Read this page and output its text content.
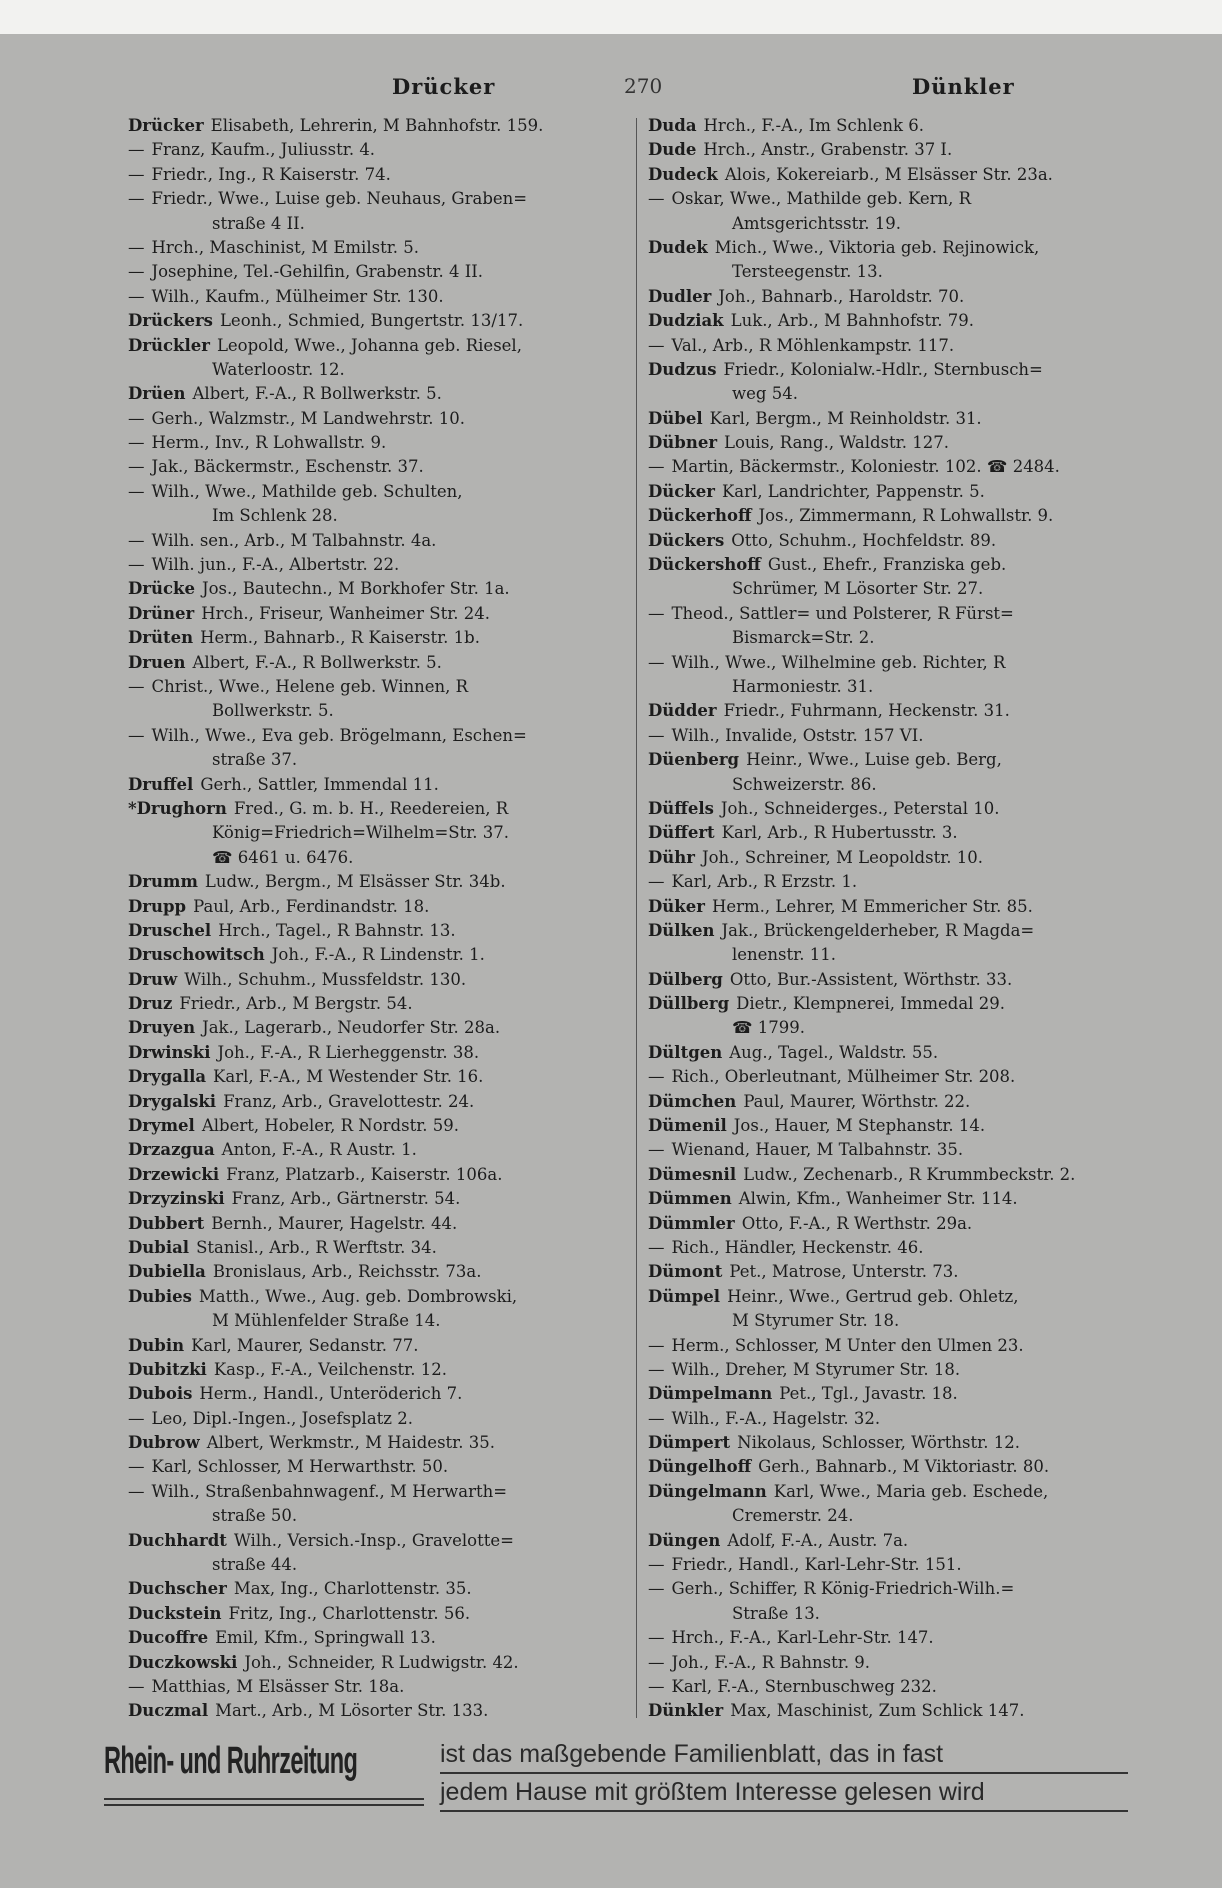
Drücker	270	Dünkler
Drücker Elisabeth, Lehrerin, M Bahnhofstr. 159.
— Franz, Kaufm., Juliusstr. 4.
— Friedr., Ing., R Kaiserstr. 74.
— Friedr., Wwe., Luise geb. Neuhaus, Graben=
straße 4 II.
— Hrch., Maschinist, M Emilstr. 5.
— Josephine, Tel.-Gehilfin, Grabenstr. 4 II.
— Wilh., Kaufm., Mülheimer Str. 130.
Drückers Leonh., Schmied, Bungertstr. 13/17.
Drückler Leopold, Wwe., Johanna geb. Riesel,
Waterloostr. 12.
Drüen Albert, F.-A., R Bollwerkstr. 5.
— Gerh., Walzmstr., M Landwehrstr. 10.
— Herm., Inv., R Lohwallstr. 9.
— Jak., Bäckermstr., Eschenstr. 37.
— Wilh., Wwe., Mathilde geb. Schulten,
Im Schlenk 28.
— Wilh. sen., Arb., M Talbahnstr. 4a.
— Wilh. jun., F.-A., Albertstr. 22.
Drücke Jos., Bautechn., M Borkhofer Str. 1a.
Drüner Hrch., Friseur, Wanheimer Str. 24.
Drüten Herm., Bahnarb., R Kaiserstr. 1b.
Druen Albert, F.-A., R Bollwerkstr. 5.
— Christ., Wwe., Helene geb. Winnen, R
Bollwerkstr. 5.
— Wilh., Wwe., Eva geb. Brögelmann, Eschen=
straße 37.
Druffel Gerh., Sattler, Immendal 11.
*Drughorn Fred., G. m. b. H., Reedereien, R
König=Friedrich=Wilhelm=Str. 37.
☎ 6461 u. 6476.
Drumm Ludw., Bergm., M Elsässer Str. 34b.
Drupp Paul, Arb., Ferdinandstr. 18.
Druschel Hrch., Tagel., R Bahnstr. 13.
Druschowitsch Joh., F.-A., R Lindenstr. 1.
Druw Wilh., Schuhm., Mussfeldstr. 130.
Druz Friedr., Arb., M Bergstr. 54.
Druyen Jak., Lagerarb., Neudorfer Str. 28a.
Drwinski Joh., F.-A., R Lierheggenstr. 38.
Drygalla Karl, F.-A., M Westender Str. 16.
Drygalski Franz, Arb., Gravelottestr. 24.
Drymel Albert, Hobeler, R Nordstr. 59.
Drzazgua Anton, F.-A., R Austr. 1.
Drzewicki Franz, Platzarb., Kaiserstr. 106a.
Drzyzinski Franz, Arb., Gärtnerstr. 54.
Dubbert Bernh., Maurer, Hagelstr. 44.
Dubial Stanisl., Arb., R Werftstr. 34.
Dubiella Bronislaus, Arb., Reichsstr. 73a.
Dubies Matth., Wwe., Aug. geb. Dombrowski,
M Mühlenfelder Straße 14.
Dubin Karl, Maurer, Sedanstr. 77.
Dubitzki Kasp., F.-A., Veilchenstr. 12.
Dubois Herm., Handl., Unteröderich 7.
— Leo, Dipl.-Ingen., Josefsplatz 2.
Dubrow Albert, Werkmstr., M Haidestr. 35.
— Karl, Schlosser, M Herwarthstr. 50.
— Wilh., Straßenbahnwagenf., M Herwarth=
straße 50.
Duchhardt Wilh., Versich.-Insp., Gravelotte=
straße 44.
Duchscher Max, Ing., Charlottenstr. 35.
Duckstein Fritz, Ing., Charlottenstr. 56.
Ducoffre Emil, Kfm., Springwall 13.
Duczkowski Joh., Schneider, R Ludwigstr. 42.
— Matthias, M Elsässer Str. 18a.
Duczmal Mart., Arb., M Lösorter Str. 133.
Duda Hrch., F.-A., Im Schlenk 6.
Dude Hrch., Anstr., Grabenstr. 37 I.
Dudeck Alois, Kokereiarb., M Elsässer Str. 23a.
— Oskar, Wwe., Mathilde geb. Kern, R
Amtsgerichtsstr. 19.
Dudek Mich., Wwe., Viktoria geb. Rejinowick,
Tersteegenstr. 13.
Dudler Joh., Bahnarb., Haroldstr. 70.
Dudziak Luk., Arb., M Bahnhofstr. 79.
— Val., Arb., R Möhlenkampstr. 117.
Dudzus Friedr., Kolonialw.-Hdlr., Sternbusch=
weg 54.
Dübel Karl, Bergm., M Reinholdstr. 31.
Dübner Louis, Rang., Waldstr. 127.
— Martin, Bäckermstr., Koloniestr. 102. ☎ 2484.
Dücker Karl, Landrichter, Pappenstr. 5.
Dückerhoff Jos., Zimmermann, R Lohwallstr. 9.
Dückers Otto, Schuhm., Hochfeldstr. 89.
Dückershoff Gust., Ehefr., Franziska geb.
Schrümer, M Lösorter Str. 27.
— Theod., Sattler= und Polsterer, R Fürst=
Bismarck=Str. 2.
— Wilh., Wwe., Wilhelmine geb. Richter, R
Harmoniestr. 31.
Düdder Friedr., Fuhrmann, Heckenstr. 31.
— Wilh., Invalide, Oststr. 157 VI.
Düenberg Heinr., Wwe., Luise geb. Berg,
Schweizerstr. 86.
Düffels Joh., Schneiderges., Peterstal 10.
Düffert Karl, Arb., R Hubertusstr. 3.
Dühr Joh., Schreiner, M Leopoldstr. 10.
— Karl, Arb., R Erzstr. 1.
Düker Herm., Lehrer, M Emmericher Str. 85.
Dülken Jak., Brückengelderheber, R Magda=
lenenstr. 11.
Dülberg Otto, Bur.-Assistent, Wörthstr. 33.
Düllberg Dietr., Klempnerei, Immedal 29.
☎ 1799.
Dültgen Aug., Tagel., Waldstr. 55.
— Rich., Oberleutnant, Mülheimer Str. 208.
Dümchen Paul, Maurer, Wörthstr. 22.
Dümenil Jos., Hauer, M Stephanstr. 14.
— Wienand, Hauer, M Talbahnstr. 35.
Dümesnil Ludw., Zechenarb., R Krummbeckstr. 2.
Dümmen Alwin, Kfm., Wanheimer Str. 114.
Dümmler Otto, F.-A., R Werthstr. 29a.
— Rich., Händler, Heckenstr. 46.
Dümont Pet., Matrose, Unterstr. 73.
Dümpel Heinr., Wwe., Gertrud geb. Ohletz,
M Styrumer Str. 18.
— Herm., Schlosser, M Unter den Ulmen 23.
— Wilh., Dreher, M Styrumer Str. 18.
Dümpelmann Pet., Tgl., Javastr. 18.
— Wilh., F.-A., Hagelstr. 32.
Dümpert Nikolaus, Schlosser, Wörthstr. 12.
Düngelhoff Gerh., Bahnarb., M Viktoriastr. 80.
Düngelmann Karl, Wwe., Maria geb. Eschede,
Cremerstr. 24.
Düngen Adolf, F.-A., Austr. 7a.
— Friedr., Handl., Karl-Lehr-Str. 151.
— Gerh., Schiffer, R König-Friedrich-Wilh.=
Straße 13.
— Hrch., F.-A., Karl-Lehr-Str. 147.
— Joh., F.-A., R Bahnstr. 9.
— Karl, F.-A., Sternbuschweg 232.
Dünkler Max, Maschinist, Zum Schlick 147.
Rhein- und Ruhrzeitung	ist das maßgebende Familienblatt, das in fast
jedem Hause mit größtem Interesse gelesen wird
